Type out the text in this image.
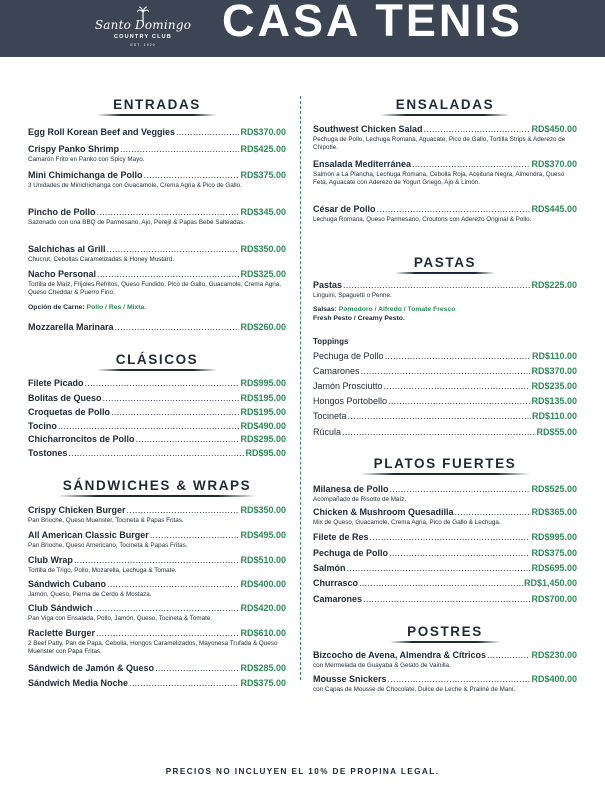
Santo Domingo
COUNTRY CLUB
EST. 1920	CASA TENIS
ENTRADAS
Egg Roll Korean Beef and Veggies .....	RD$370.00
Crispy Panko Shrimp .....	RD$425.00
Camarón Frito en Panko con Spicy Mayo.
Mini Chimichanga de Pollo .....	RD$375.00
3 Unidades de Minichichanga con Guacamole, Crema Agria & Pico de Gallo.
Pincho de Pollo .....	RD$345.00
Sazonado con una BBQ de Parmesano, Ajo, Perejil & Papas Bebé Salteadas.
Salchichas al Grill .....	RD$350.00
Chucrut, Cebollas Caramelizadas & Honey Mustard.
Nacho Personal .....	RD$325.00
Tortilla de Maíz, Frijoles Refritos, Queso Fundido, Pico de Gallo, Guacamole, Crema Agria, Queso Cheddar & Puerro Fino.
Opción de Carne: Pollo / Res / Mixta.
Mozzarella Marinara .....	RD$260.00
CLÁSICOS
Filete Picado .....	RD$995.00
Bolitas de Queso .....	RD$195.00
Croquetas de Pollo .....	RD$195.00
Tocino .....	RD$490.00
Chicharroncitos de Pollo .....	RD$295.00
Tostones .....	RD$95.00
SÁNDWICHES & WRAPS
Crispy Chicken Burger .....	RD$350.00
Pan Brioche, Queso Muenster, Tocineta & Papas Fritas.
All American Classic Burger .....	RD$495.00
Pan Brioche, Queso Americano, Tocineta & Papas Fritas.
Club Wrap .....	RD$510.00
Tortilla de Trigo, Pollo, Mozarella, Lechuga & Tomate.
Sándwich Cubano .....	RD$400.00
Jamón, Queso, Pierna de Cerdo & Mostaza.
Club Sándwich .....	RD$420.00
Pan Viga con Ensalada, Pollo, Jamón, Queso, Tocineta & Tomate.
Raclette Burger .....	RD$610.00
2 Beef Patty, Pan de Papa, Cebolla, Hongos Caramelizados, Mayonesa Trufada & Queso Muenster con Papa Fritas.
Sándwich de Jamón & Queso .....	RD$285.00
Sándwich Media Noche .....	RD$375.00
ENSALADAS
Southwest Chicken Salad .....	RD$450.00
Pechuga de Pollo, Lechuga Romana, Aguacate, Pico de Gallo, Tortilla Strips & Aderezo de Chipotle.
Ensalada Mediterránea .....	RD$370.00
Salmón a La Plancha, Lechuga Romana, Cebolla Roja, Aceituna Negra, Almendra, Queso Feta, Aguacate con Aderezo de Yogurt Griego, Ajo & Limón.
César de Pollo .....	RD$445.00
Lechuga Romana, Queso Parmesano, Croutons con Aderezo Original & Pollo.
PASTAS
Pastas .....	RD$225.00
Linguini, Spaguetti o Penne.
Salsas: Pomodoro / Alfredo / Tomate Fresco
Fresh Pesto / Creamy Pesto.
Toppings
Pechuga de Pollo .....	RD$110.00
Camarones .....	RD$370.00
Jamón Prosciutto .....	RD$235.00
Hongos Portobello .....	RD$135.00
Tocineta .....	RD$110.00
Rúcula .....	RD$55.00
PLATOS FUERTES
Milanesa de Pollo .....	RD$525.00
Acompañado de Risotto de Maíz.
Chicken & Mushroom Quesadilla .....	RD$365.00
Mix de Queso, Guacamole, Crema Agria, Pico de Gallo & Lechuga.
Filete de Res .....	RD$995.00
Pechuga de Pollo .....	RD$375.00
Salmón .....	RD$695.00
Churrasco .....	RD$1,450.00
Camarones .....	RD$700.00
POSTRES
Bizcocho de Avena, Almendra & Cítricos .....	RD$230.00
con Mermelada de Guayaba & Gelato de Vainilla.
Mousse Snickers .....	RD$400.00
con Capas de Mousse de Chocolate, Dulce de Leche & Praliné de Maní.
PRECIOS NO INCLUYEN EL 10% DE PROPINA LEGAL.
